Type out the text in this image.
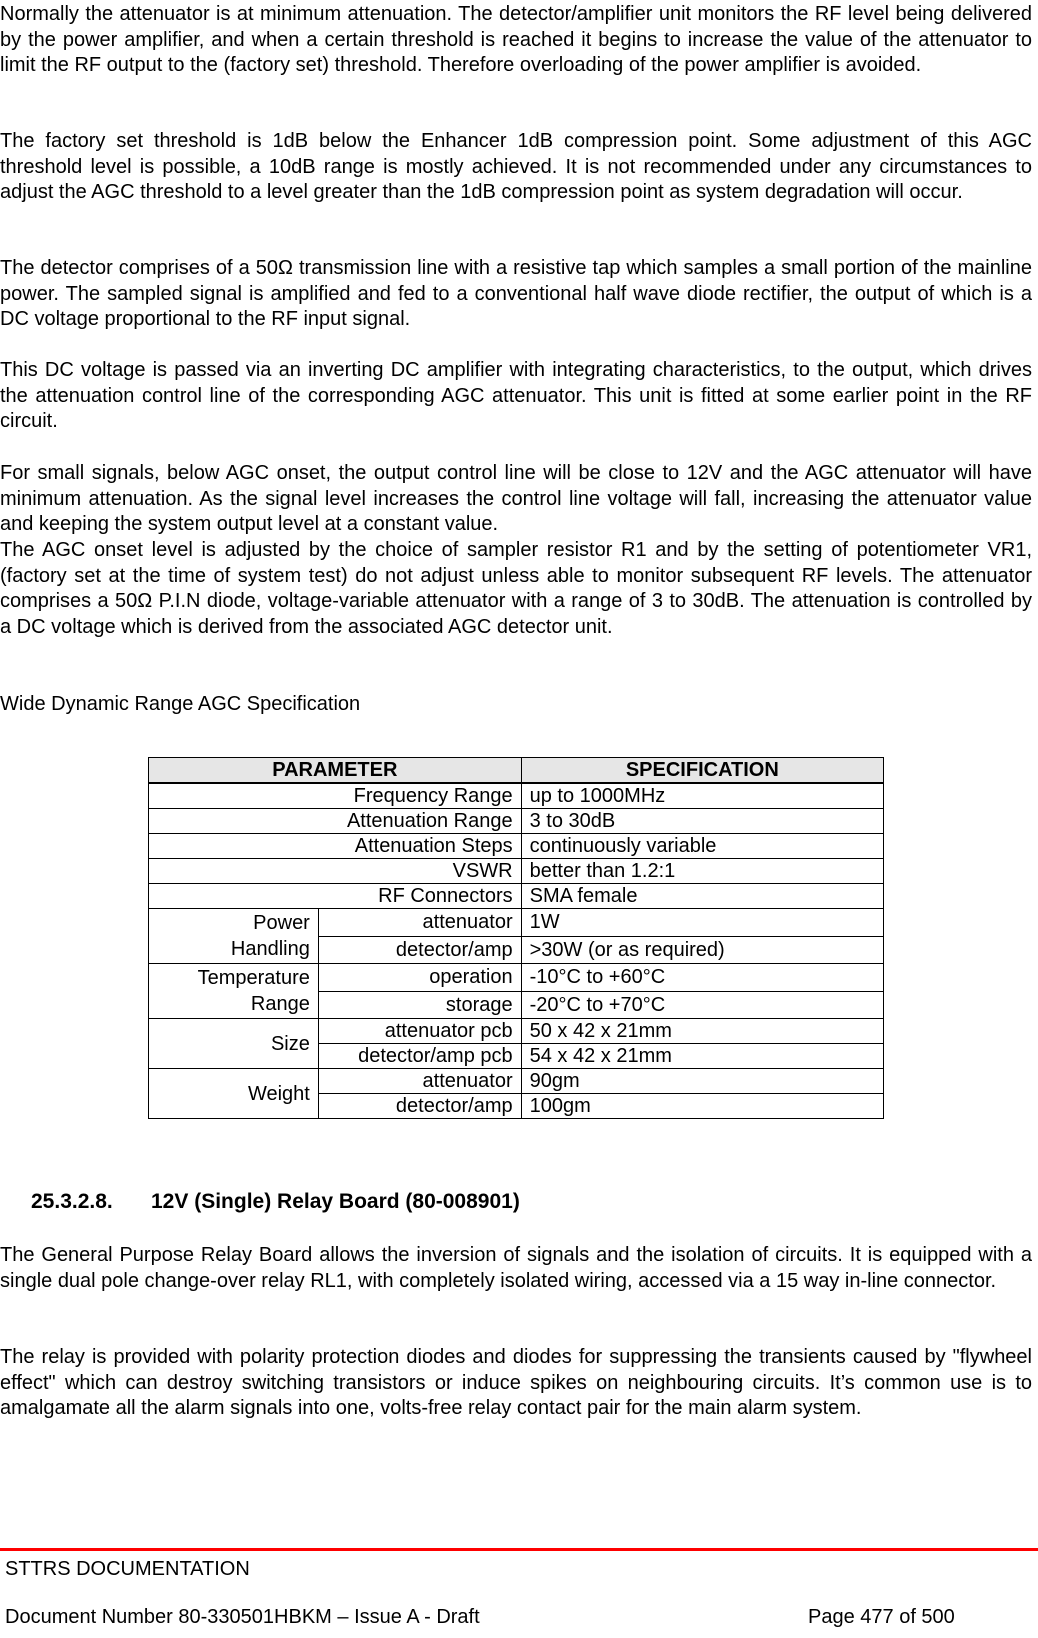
Normally the attenuator is at minimum attenuation. The detector/amplifier unit monitors the RF level being delivered by the power amplifier, and when a certain threshold is reached it begins to increase the value of the attenuator to limit the RF output to the (factory set) threshold. Therefore overloading of the power amplifier is avoided.

The factory set threshold is 1dB below the Enhancer 1dB compression point. Some adjustment of this AGC threshold level is possible, a 10dB range is mostly achieved. It is not recommended under any circumstances to adjust the AGC threshold to a level greater than the 1dB compression point as system degradation will occur.

The detector comprises of a 50Ω transmission line with a resistive tap which samples a small portion of the mainline power. The sampled signal is amplified and fed to a conventional half wave diode rectifier, the output of which is a DC voltage proportional to the RF input signal.

This DC voltage is passed via an inverting DC amplifier with integrating characteristics, to the output, which drives the attenuation control line of the corresponding AGC attenuator. This unit is fitted at some earlier point in the RF circuit.

For small signals, below AGC onset, the output control line will be close to 12V and the AGC attenuator will have minimum attenuation. As the signal level increases the control line voltage will fall, increasing the attenuator value and keeping the system output level at a constant value.

The AGC onset level is adjusted by the choice of sampler resistor R1 and by the setting of potentiometer VR1, (factory set at the time of system test) do not adjust unless able to monitor subsequent RF levels. The attenuator comprises a 50Ω P.I.N diode, voltage-variable attenuator with a range of 3 to 30dB. The attenuation is controlled by a DC voltage which is derived from the associated AGC detector unit.

Wide Dynamic Range AGC Specification

PARAMETER		SPECIFICATION
Frequency Range		up to 1000MHz
Attenuation Range		3 to 30dB
Attenuation Steps		continuously variable
VSWR		better than 1.2:1
RF Connectors		SMA female
Power
Handling	attenuator	1W
	detector/amp	>30W (or as required)
Temperature
Range	operation	-10°C to +60°C
	storage	-20°C to +70°C
Size	attenuator pcb	50 x 42 x 21mm
	detector/amp pcb	54 x 42 x 21mm
Weight	attenuator	90gm
	detector/amp	100gm
25.3.2.8. 12V (Single) Relay Board (80-008901)

The General Purpose Relay Board allows the inversion of signals and the isolation of circuits. It is equipped with a single dual pole change-over relay RL1, with completely isolated wiring, accessed via a 15 way in-line connector.

The relay is provided with polarity protection diodes and diodes for suppressing the transients caused by "flywheel effect" which can destroy switching transistors or induce spikes on neighbouring circuits. It’s common use is to amalgamate all the alarm signals into one, volts-free relay contact pair for the main alarm system.

STTRS DOCUMENTATION
Document Number 80-330501HBKM – Issue A - Draft	Page 477 of 500
